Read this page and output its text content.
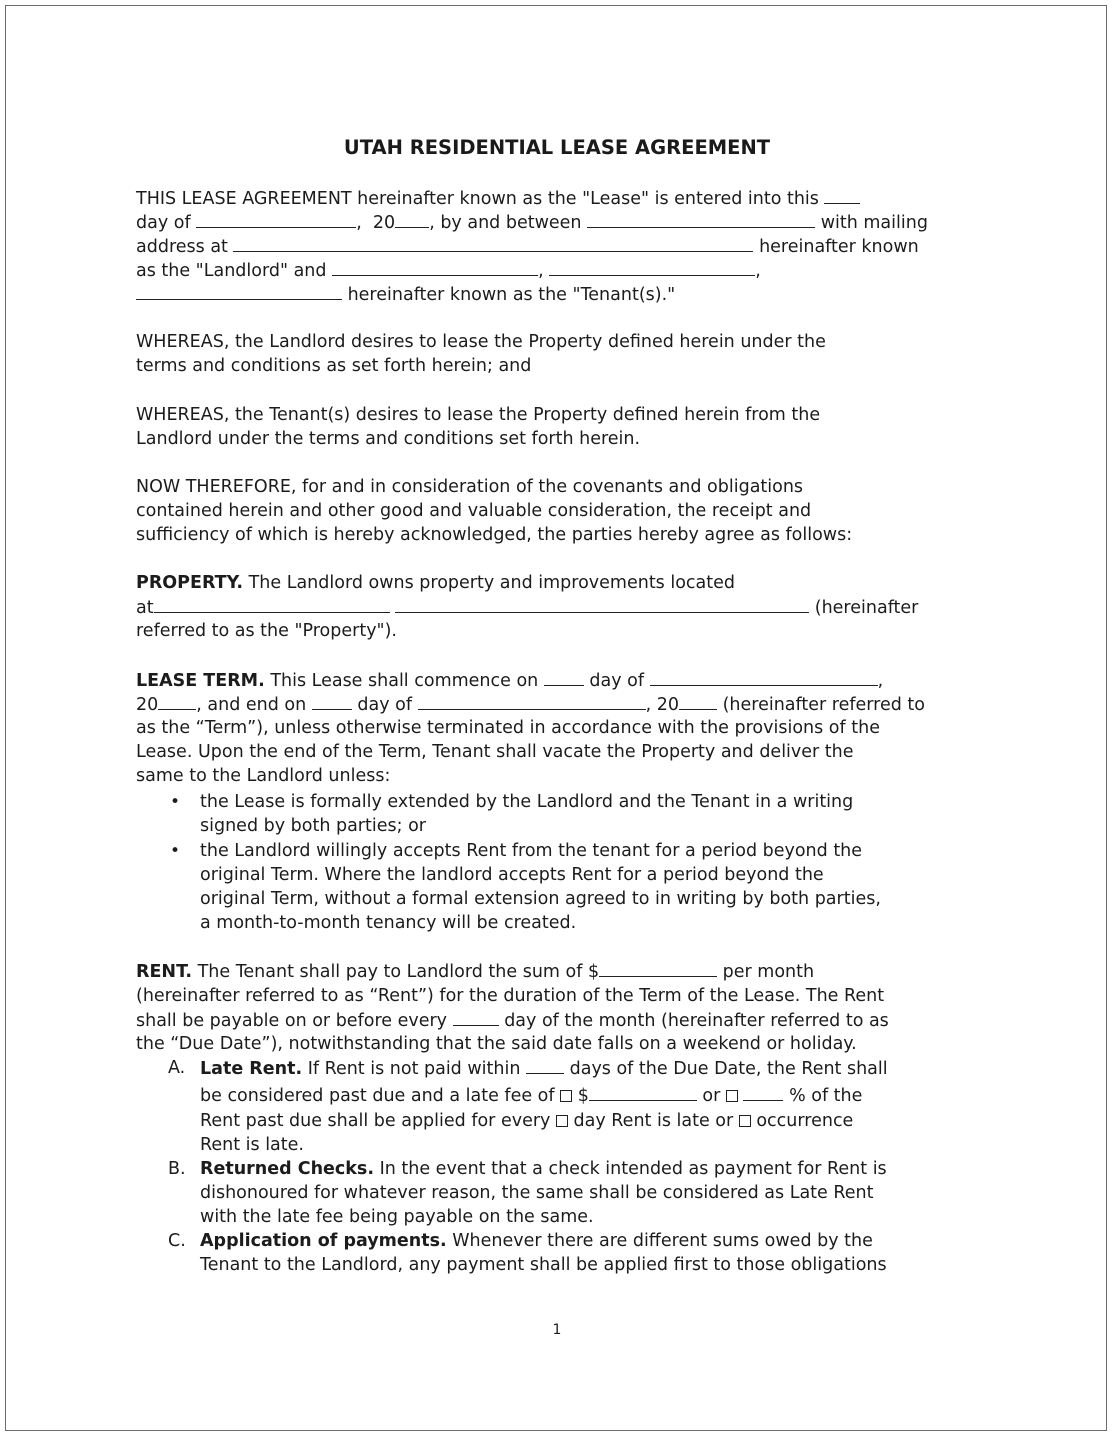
UTAH RESIDENTIAL LEASE AGREEMENT
THIS LEASE AGREEMENT hereinafter known as the "Lease" is entered into this
day of	, 20 , by and between	with mailing
address at	hereinafter known
as the "Landlord" and	,	,
hereinafter known as the "Tenant(s)."
WHEREAS, the Landlord desires to lease the Property defined herein under the
terms and conditions as set forth herein; and
WHEREAS, the Tenant(s) desires to lease the Property defined herein from the
Landlord under the terms and conditions set forth herein.
NOW THEREFORE, for and in consideration of the covenants and obligations
contained herein and other good and valuable consideration, the receipt and
sufficiency of which is hereby acknowledged, the parties hereby agree as follows:
PROPERTY. The Landlord owns property and improvements located
at	(hereinafter
referred to as the "Property").
LEASE TERM. This Lease shall commence on	day of	,
20 , and end on	day of	, 20 (hereinafter referred to
as the “Term”), unless otherwise terminated in accordance with the provisions of the
Lease. Upon the end of the Term, Tenant shall vacate the Property and deliver the
same to the Landlord unless:
• the Lease is formally extended by the Landlord and the Tenant in a writing
signed by both parties; or
• the Landlord willingly accepts Rent from the tenant for a period beyond the
original Term. Where the landlord accepts Rent for a period beyond the
original Term, without a formal extension agreed to in writing by both parties,
a month-to-month tenancy will be created.
RENT. The Tenant shall pay to Landlord the sum of $	per month
(hereinafter referred to as “Rent”) for the duration of the Term of the Lease. The Rent
shall be payable on or before every	day of the month (hereinafter referred to as
the “Due Date”), notwithstanding that the said date falls on a weekend or holiday.
A. Late Rent. If Rent is not paid within	days of the Due Date, the Rent shall
be considered past due and a late fee of $	or	% of the
Rent past due shall be applied for every day Rent is late or occurrence
Rent is late.
B. Returned Checks. In the event that a check intended as payment for Rent is
dishonoured for whatever reason, the same shall be considered as Late Rent
with the late fee being payable on the same.
C. Application of payments. Whenever there are different sums owed by the
Tenant to the Landlord, any payment shall be applied first to those obligations
1
